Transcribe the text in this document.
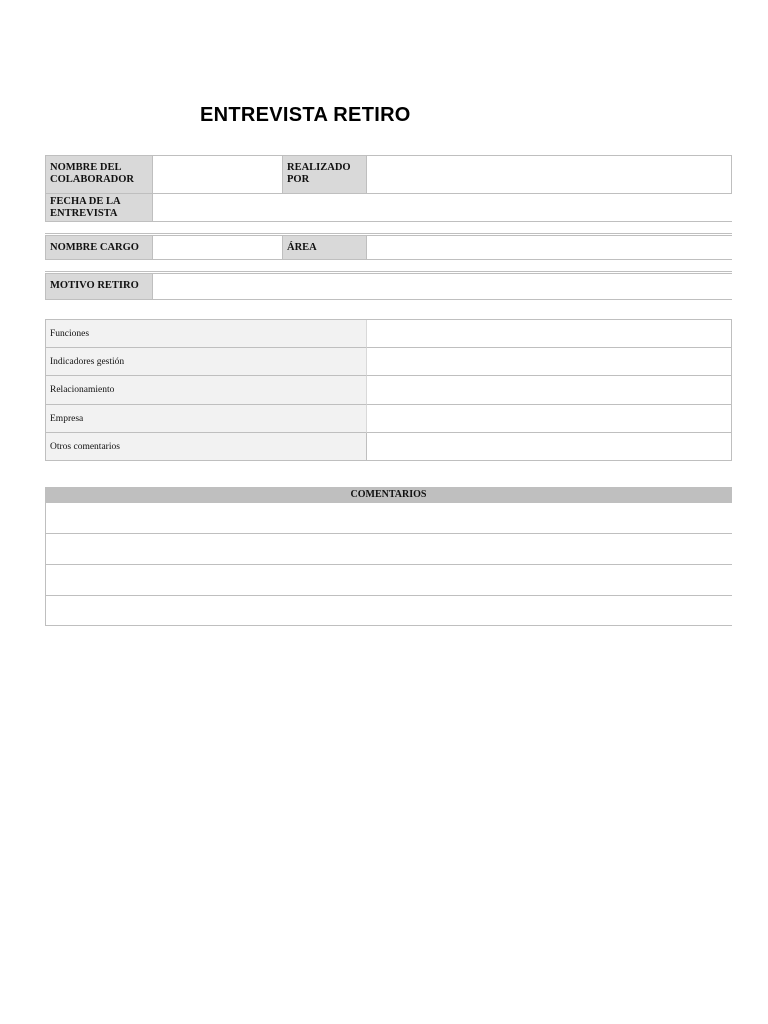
ENTREVISTA RETIRO
NOMBRE DEL COLABORADOR
REALIZADO POR
FECHA DE LA ENTREVISTA
NOMBRE CARGO	ÁREA
MOTIVO RETIRO
Funciones
Indicadores gestión
Relacionamiento
Empresa
Otros comentarios
COMENTARIOS
